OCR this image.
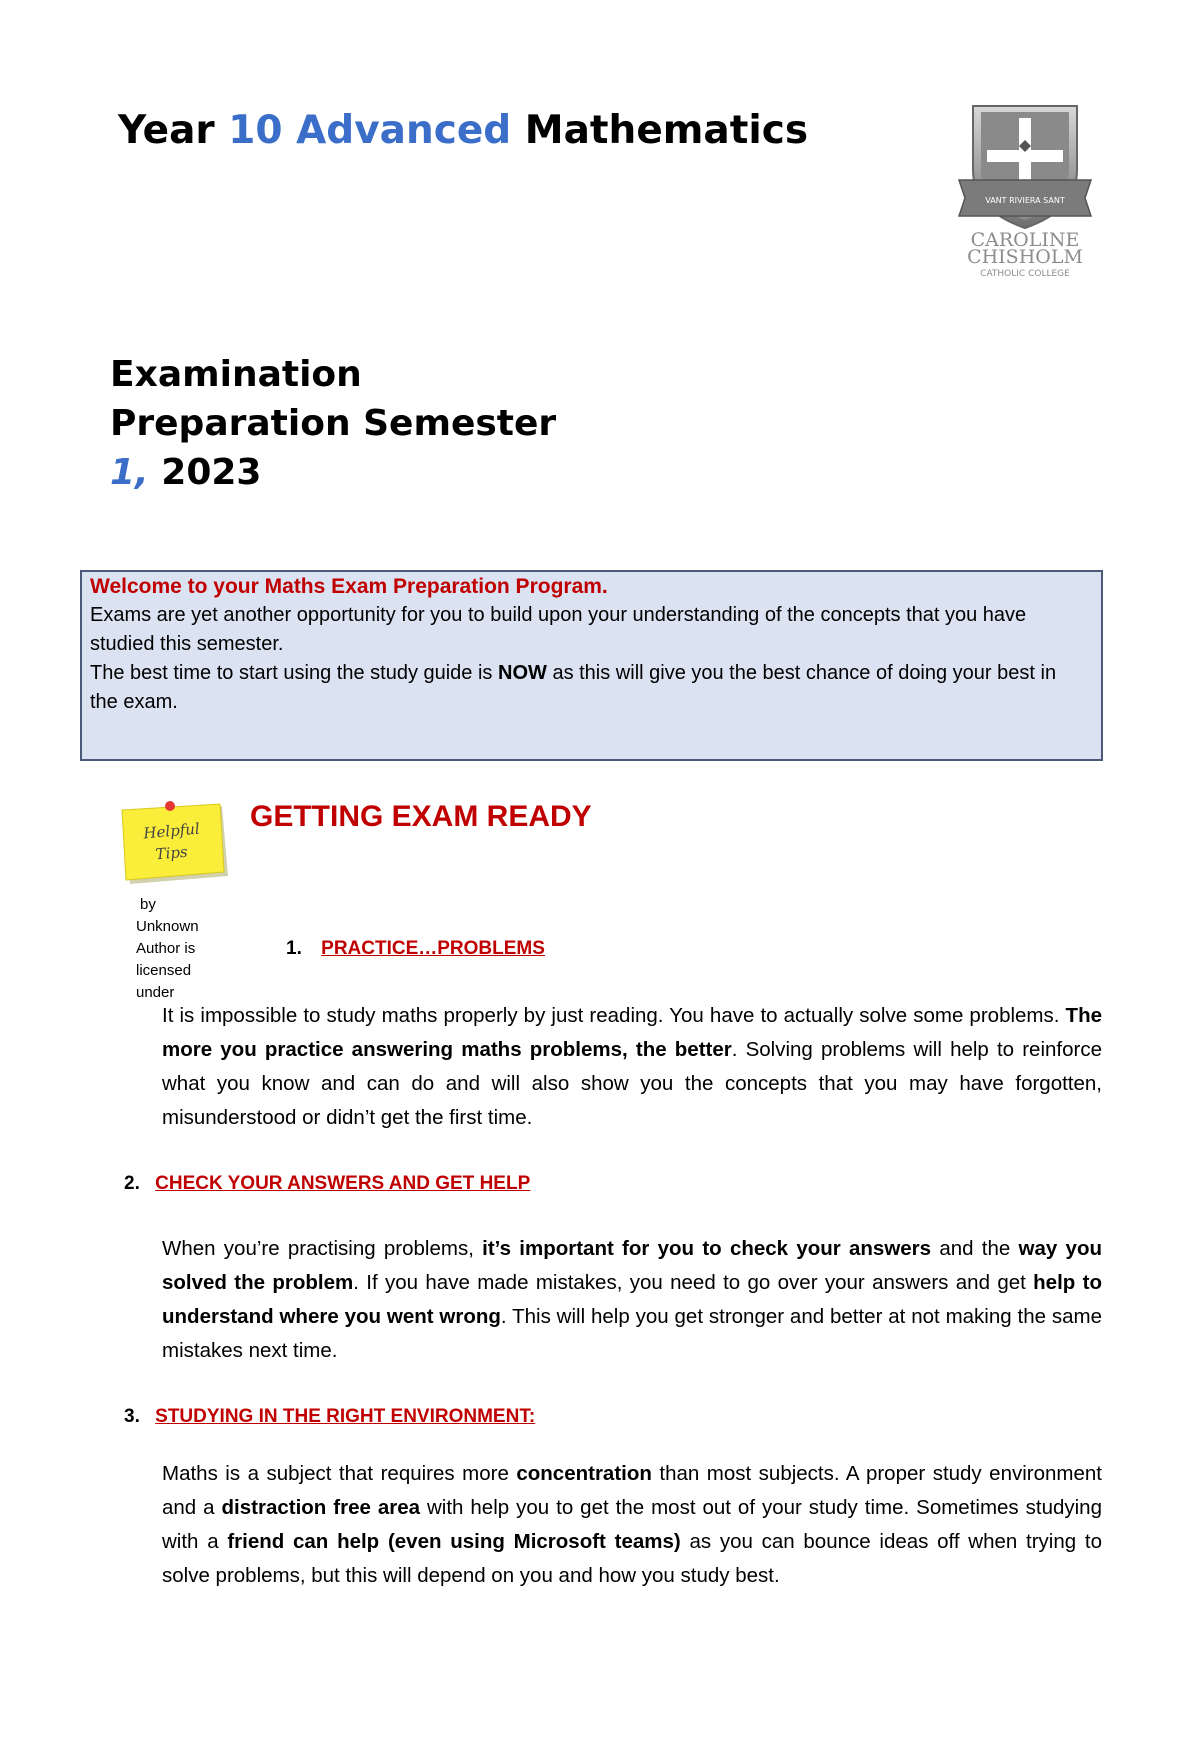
Year 10 Advanced Mathematics
VANT RIVIERA SANT
CAROLINE
CHISHOLM
CATHOLIC COLLEGE
Examination
Preparation Semester
1, 2023
Welcome to your Maths Exam Preparation Program.
Exams are yet another opportunity for you to build upon your understanding of the concepts that you have studied this semester.
The best time to start using the study guide is NOW as this will give you the best chance of doing your best in the exam.
Helpful
Tips
by
Unknown
Author is
licensed
under
GETTING EXAM READY
1. PRACTICE…PROBLEMS
It is impossible to study maths properly by just reading. You have to actually solve some problems. The more you practice answering maths problems, the better. Solving problems will help to reinforce what you know and can do and will also show you the concepts that you may have forgotten, misunderstood or didn’t get the first time.
2. CHECK YOUR ANSWERS AND GET HELP
When you’re practising problems, it’s important for you to check your answers and the way you solved the problem. If you have made mistakes, you need to go over your answers and get help to understand where you went wrong. This will help you get stronger and better at not making the same mistakes next time.
3. STUDYING IN THE RIGHT ENVIRONMENT:
Maths is a subject that requires more concentration than most subjects. A proper study environment and a distraction free area with help you to get the most out of your study time. Sometimes studying with a friend can help (even using Microsoft teams) as you can bounce ideas off when trying to solve problems, but this will depend on you and how you study best.
